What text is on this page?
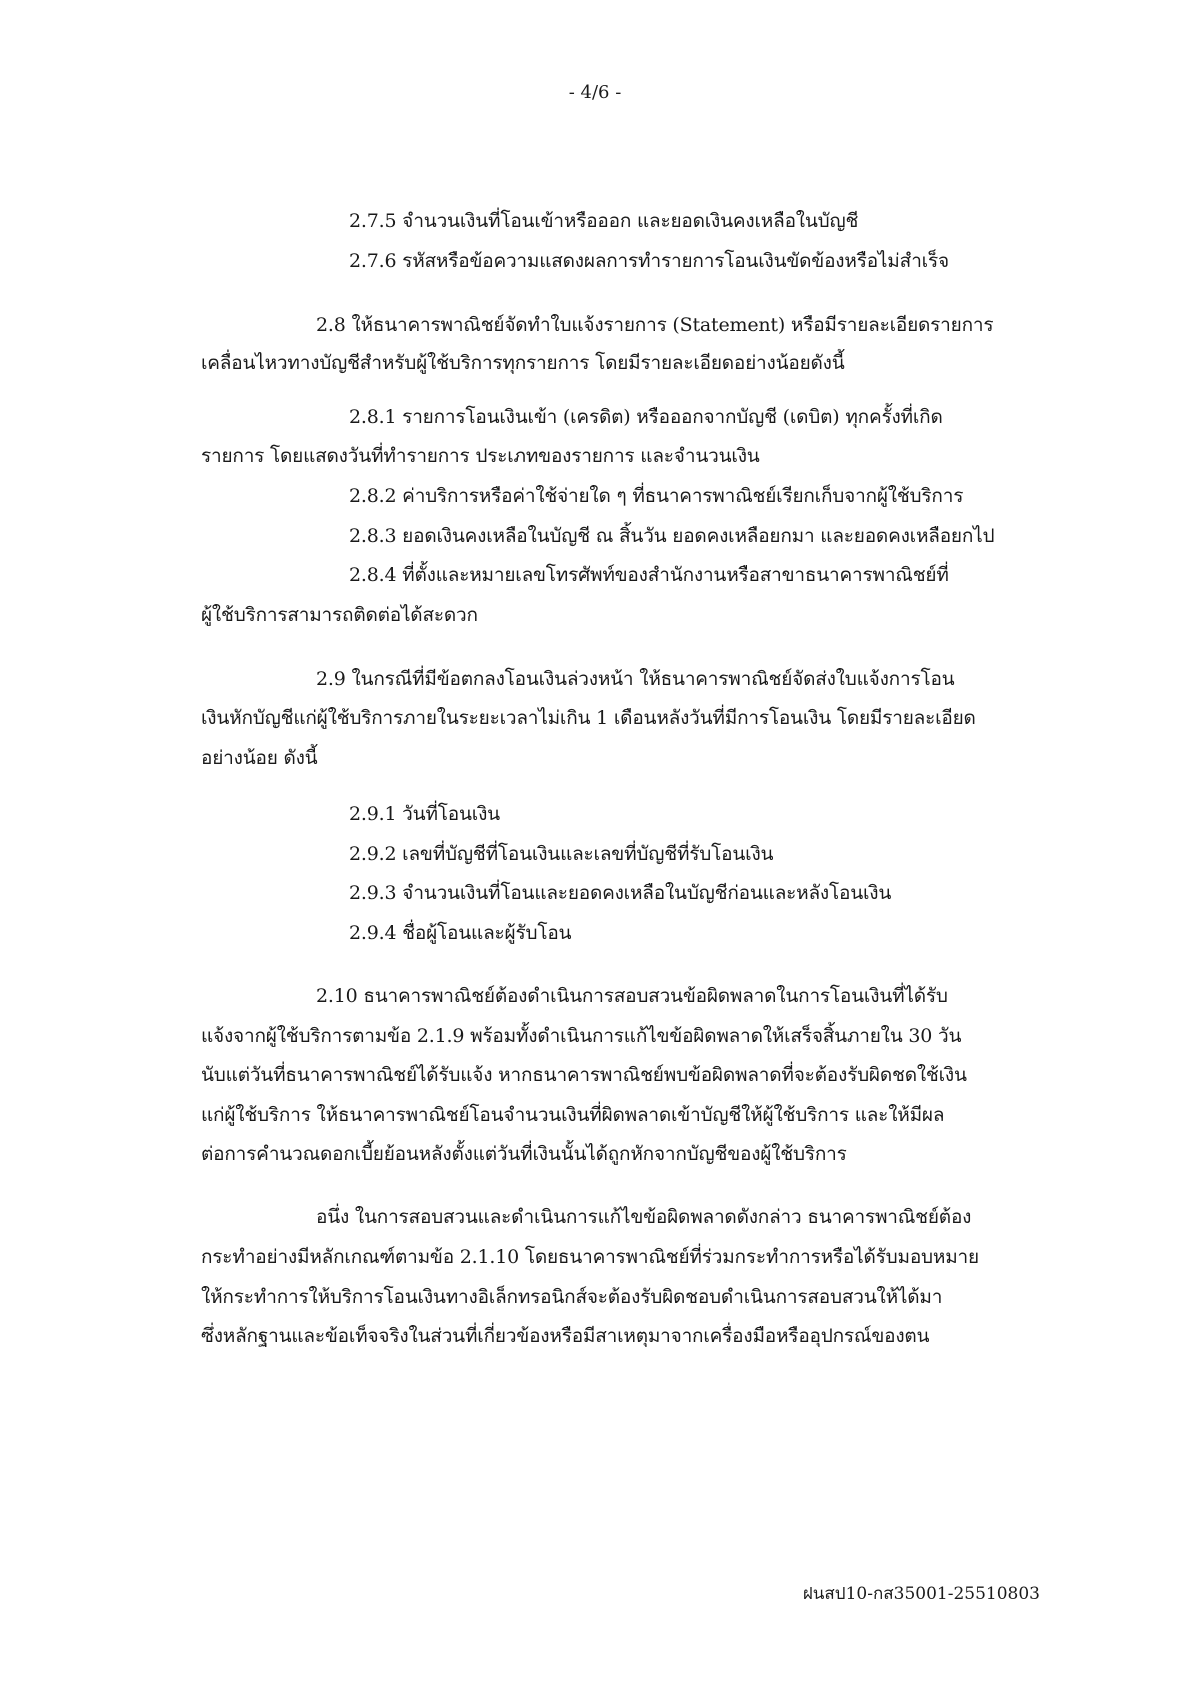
- 4/6 -
2.7.5 จำนวนเงินที่โอนเข้าหรือออก และยอดเงินคงเหลือในบัญชี
2.7.6 รหัสหรือข้อความแสดงผลการทำรายการโอนเงินขัดข้องหรือไม่สำเร็จ
2.8 ให้ธนาคารพาณิชย์จัดทำใบแจ้งรายการ (Statement) หรือมีรายละเอียดรายการ
เคลื่อนไหวทางบัญชีสำหรับผู้ใช้บริการทุกรายการ โดยมีรายละเอียดอย่างน้อยดังนี้
2.8.1 รายการโอนเงินเข้า (เครดิต) หรือออกจากบัญชี (เดบิต) ทุกครั้งที่เกิด
รายการ โดยแสดงวันที่ทำรายการ ประเภทของรายการ และจำนวนเงิน
2.8.2 ค่าบริการหรือค่าใช้จ่ายใด ๆ ที่ธนาคารพาณิชย์เรียกเก็บจากผู้ใช้บริการ
2.8.3 ยอดเงินคงเหลือในบัญชี ณ สิ้นวัน ยอดคงเหลือยกมา และยอดคงเหลือยกไป
2.8.4 ที่ตั้งและหมายเลขโทรศัพท์ของสำนักงานหรือสาขาธนาคารพาณิชย์ที่
ผู้ใช้บริการสามารถติดต่อได้สะดวก
2.9 ในกรณีที่มีข้อตกลงโอนเงินล่วงหน้า ให้ธนาคารพาณิชย์จัดส่งใบแจ้งการโอน
เงินหักบัญชีแก่ผู้ใช้บริการภายในระยะเวลาไม่เกิน 1 เดือนหลังวันที่มีการโอนเงิน โดยมีรายละเอียด
อย่างน้อย ดังนี้
2.9.1 วันที่โอนเงิน
2.9.2 เลขที่บัญชีที่โอนเงินและเลขที่บัญชีที่รับโอนเงิน
2.9.3 จำนวนเงินที่โอนและยอดคงเหลือในบัญชีก่อนและหลังโอนเงิน
2.9.4 ชื่อผู้โอนและผู้รับโอน
2.10 ธนาคารพาณิชย์ต้องดำเนินการสอบสวนข้อผิดพลาดในการโอนเงินที่ได้รับ
แจ้งจากผู้ใช้บริการตามข้อ 2.1.9 พร้อมทั้งดำเนินการแก้ไขข้อผิดพลาดให้เสร็จสิ้นภายใน 30 วัน
นับแต่วันที่ธนาคารพาณิชย์ได้รับแจ้ง หากธนาคารพาณิชย์พบข้อผิดพลาดที่จะต้องรับผิดชดใช้เงิน
แก่ผู้ใช้บริการ ให้ธนาคารพาณิชย์โอนจำนวนเงินที่ผิดพลาดเข้าบัญชีให้ผู้ใช้บริการ และให้มีผล
ต่อการคำนวณดอกเบี้ยย้อนหลังตั้งแต่วันที่เงินนั้นได้ถูกหักจากบัญชีของผู้ใช้บริการ
อนึ่ง ในการสอบสวนและดำเนินการแก้ไขข้อผิดพลาดดังกล่าว ธนาคารพาณิชย์ต้อง
กระทำอย่างมีหลักเกณฑ์ตามข้อ 2.1.10 โดยธนาคารพาณิชย์ที่ร่วมกระทำการหรือได้รับมอบหมาย
ให้กระทำการให้บริการโอนเงินทางอิเล็กทรอนิกส์จะต้องรับผิดชอบดำเนินการสอบสวนให้ได้มา
ซึ่งหลักฐานและข้อเท็จจริงในส่วนที่เกี่ยวข้องหรือมีสาเหตุมาจากเครื่องมือหรืออุปกรณ์ของตน
ฝนสป10-กส35001-25510803
